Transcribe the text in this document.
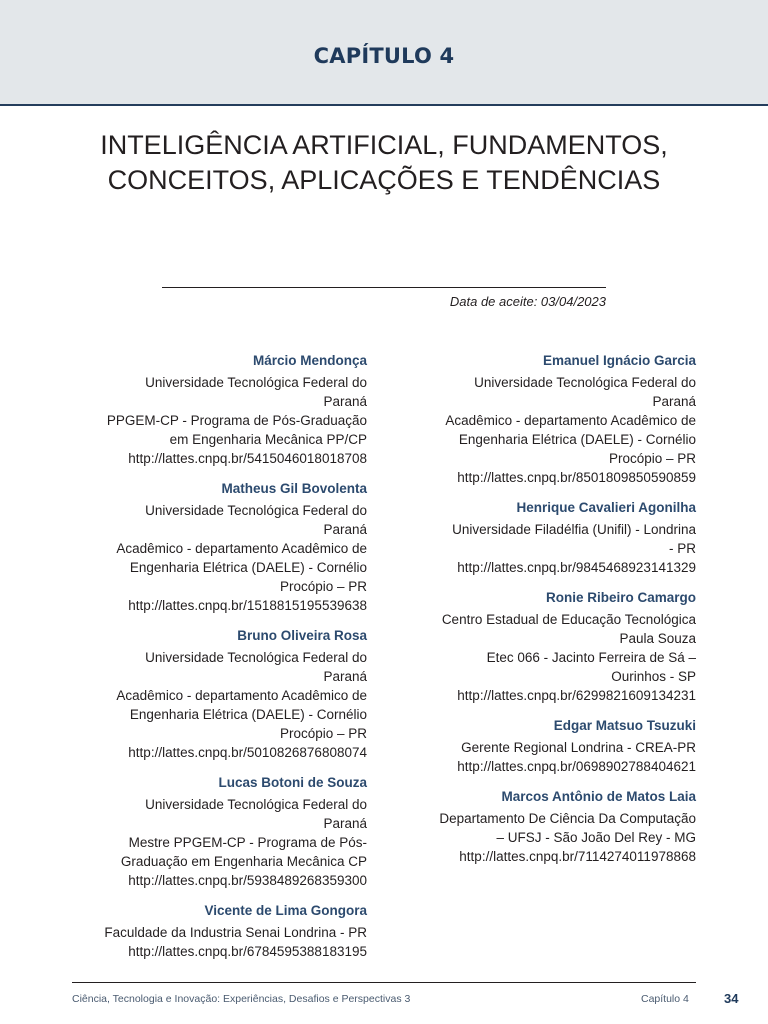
CAPÍTULO 4
INTELIGÊNCIA ARTIFICIAL, FUNDAMENTOS,
CONCEITOS, APLICAÇÕES E TENDÊNCIAS
Data de aceite: 03/04/2023
Márcio Mendonça
Universidade Tecnológica Federal do
Paraná
PPGEM-CP - Programa de Pós-Graduação
em Engenharia Mecânica PP/CP
http://lattes.cnpq.br/5415046018018708
Matheus Gil Bovolenta
Universidade Tecnológica Federal do
Paraná
Acadêmico - departamento Acadêmico de
Engenharia Elétrica (DAELE) - Cornélio
Procópio – PR
http://lattes.cnpq.br/1518815195539638
Bruno Oliveira Rosa
Universidade Tecnológica Federal do
Paraná
Acadêmico - departamento Acadêmico de
Engenharia Elétrica (DAELE) - Cornélio
Procópio – PR
http://lattes.cnpq.br/5010826876808074
Lucas Botoni de Souza
Universidade Tecnológica Federal do
Paraná
Mestre PPGEM-CP - Programa de Pós-
Graduação em Engenharia Mecânica CP
http://lattes.cnpq.br/5938489268359300
Vicente de Lima Gongora
Faculdade da Industria Senai Londrina - PR
http://lattes.cnpq.br/6784595388183195
Emanuel Ignácio Garcia
Universidade Tecnológica Federal do
Paraná
Acadêmico - departamento Acadêmico de
Engenharia Elétrica (DAELE) - Cornélio
Procópio – PR
http://lattes.cnpq.br/8501809850590859
Henrique Cavalieri Agonilha
Universidade Filadélfia (Unifil) - Londrina
- PR
http://lattes.cnpq.br/9845468923141329
Ronie Ribeiro Camargo
Centro Estadual de Educação Tecnológica
Paula Souza
Etec 066 - Jacinto Ferreira de Sá –
Ourinhos - SP
http://lattes.cnpq.br/6299821609134231
Edgar Matsuo Tsuzuki
Gerente Regional Londrina - CREA-PR
http://lattes.cnpq.br/0698902788404621
Marcos Antônio de Matos Laia
Departamento De Ciência Da Computação
– UFSJ - São João Del Rey - MG
http://lattes.cnpq.br/7114274011978868
Ciência, Tecnologia e Inovação: Experiências, Desafios e Perspectivas 3	Capítulo 4	34
